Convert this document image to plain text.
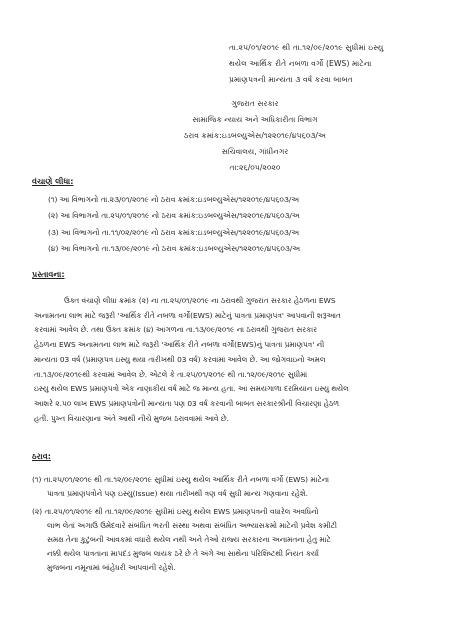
તા.૨૫/૦૧/૨૦૧૯ થી તા.૧૨/૦૯/૨૦૧૯ સુધીમાં ઇસ્યુ
થયેલ આર્થિક રીતે નબળા વર્ગો (EWS) માટેના
પ્રમાણપત્રની માન્યતા ૩ વર્ષ કરવા બાબત
ગુજરાત સરકાર
સામાજિક ન્યાય અને અધિકારીતા વિભાગ
ઠરાવ ક્રમાંક:ઇડબલ્યુએસ/૧૨૨૦૧૯/૪૫૬૦૩/અ
સચિવાલય, ગાંધીનગર
તા:૨૬/૦૫/૨૦૨૦
વંચાણે લીધા:
(૧) આ વિભાગનો તા.૨૩/૦૧/૨૦૧૯ નો ઠરાવ ક્રમાંક:ઇડબલ્યુએસ/૧૨૨૦૧૯/૪૫૬૦૩/અ
(૨) આ વિભાગનો તા.૨૫/૦૧/૨૦૧૯ નો ઠરાવ ક્રમાંક:ઇડબલ્યુએસ/૧૨૨૦૧૯/૪૫૬૦૩/અ
(૩) આ વિભાગનો તા.૧૧/૦૨/૨૦૧૯ નો ઠરાવ ક્રમાંક:ઇડબલ્યુએસ/૧૨૨૦૧૯/૪૫૬૦૩/અ
(૪) આ વિભાગનો તા.૧૩/૦૯/૨૦૧૯ નો ઠરાવ ક્રમાંક:ઇડબલ્યુએસ/૧૨૨૦૧૯/૪૫૬૦૩/અ
પ્રસ્તાવના:
ઉક્ત વંચાણે લીધા ક્રમાંક (૨) ના તા.૨૫/૦૧/૨૦૧૯ ના ઠરાવથી ગુજરાત સરકાર હેઠળના EWS
અનામતના લાભ માટે જરૂરી 'આર્થિક રીતે નબળા વર્ગો(EWS) માટેનું પાત્રતા પ્રમાણપત્ર' આપવાની શરૂઆત
કરવામાં આવેલ છે. તથા ઉક્ત ક્રમાંક (૪) આગળના તા.૧૩/૦૯/૨૦૧૯ ના ઠરાવથી ગુજરાત સરકાર
હેઠળના EWS અનામતના લાભ માટે જરૂરી 'આર્થિક રીતે નબળા વર્ગો(EWS)નું પાત્રતા પ્રમાણપત્ર' ની
માન્યતા 03 વર્ષ (પ્રમાણપત્ર ઇસ્યુ થયા તારીખથી 03 વર્ષ) કરવામાં આવેલ છે. આ જોગવાઇનો અમલ
તા.૧૩/૦૯/૨૦૧૯થી કરવામાં આવેલ છે. એટલે કે તા.૨૫/૦૧/૨૦૧૯ થી તા.૧૨/૦૯/૨૦૧૯ સુધીમાં
ઇસ્યુ થયેલ EWS પ્રમાણપત્રો એક નાણાકીય વર્ષ માટે જ માન્ય હતા. આ સમયગાળા દરમિયાન ઇસ્યુ થયેલ
આશરે ૨.૫૦ લાખ EWS પ્રમાણપત્રોની માન્યતા પણ 03 વર્ષ કરવાની બાબત સરકારશ્રીની વિચારણા હેઠળ
હતી. પુખ્ત વિચારણાના અંતે આથી નીચે મુજબ ઠરાવવામાં આવે છે.
ઠરાવ:
(૧) તા.૨૫/૦૧/૨૦૧૯ થી તા.૧૨/૦૯/૨૦૧૯ સુધીમાં ઇસ્યુ થયેલ આર્થિક રીતે નબળા વર્ગો (EWS) માટેના
પાત્રતા પ્રમાણપત્રોને પણ ઇસ્યુ(Issue) થયા તારીખથી ત્રણ વર્ષ સુધી માન્ય ગણવાના રહેશે.
(૨) તા.૨૫/૦૧/૨૦૧૯ થી તા.૧૨/૦૯/૨૦૧૯ સુધીમાં ઇસ્યુ થયેલ EWS પ્રમાણપત્રની વધારેલ અવધિનો
લાભ લેતાં અગાઉ ઉમેદવારે સંબંધિત ભરતી સંસ્થા અથવા સંબંધિત અભ્યાસક્રમો માટેની પ્રવેશ કમીટી
સમક્ષ તેના કુટુંબની આવકમાં વધારો થયેલ નથી અને તેઓ રાજ્ય સરકારના અનામતના હેતુ માટે
નક્કી થયેલ પાત્રતાના માપદંડ મુજબ લાયક ઠરે છે તે અંગે આ સાથેના પરિશિષ્ટથી નિયત કર્યા
મુજબના નમૂનામાં બાંહેધરી આપવાની રહેશે.
